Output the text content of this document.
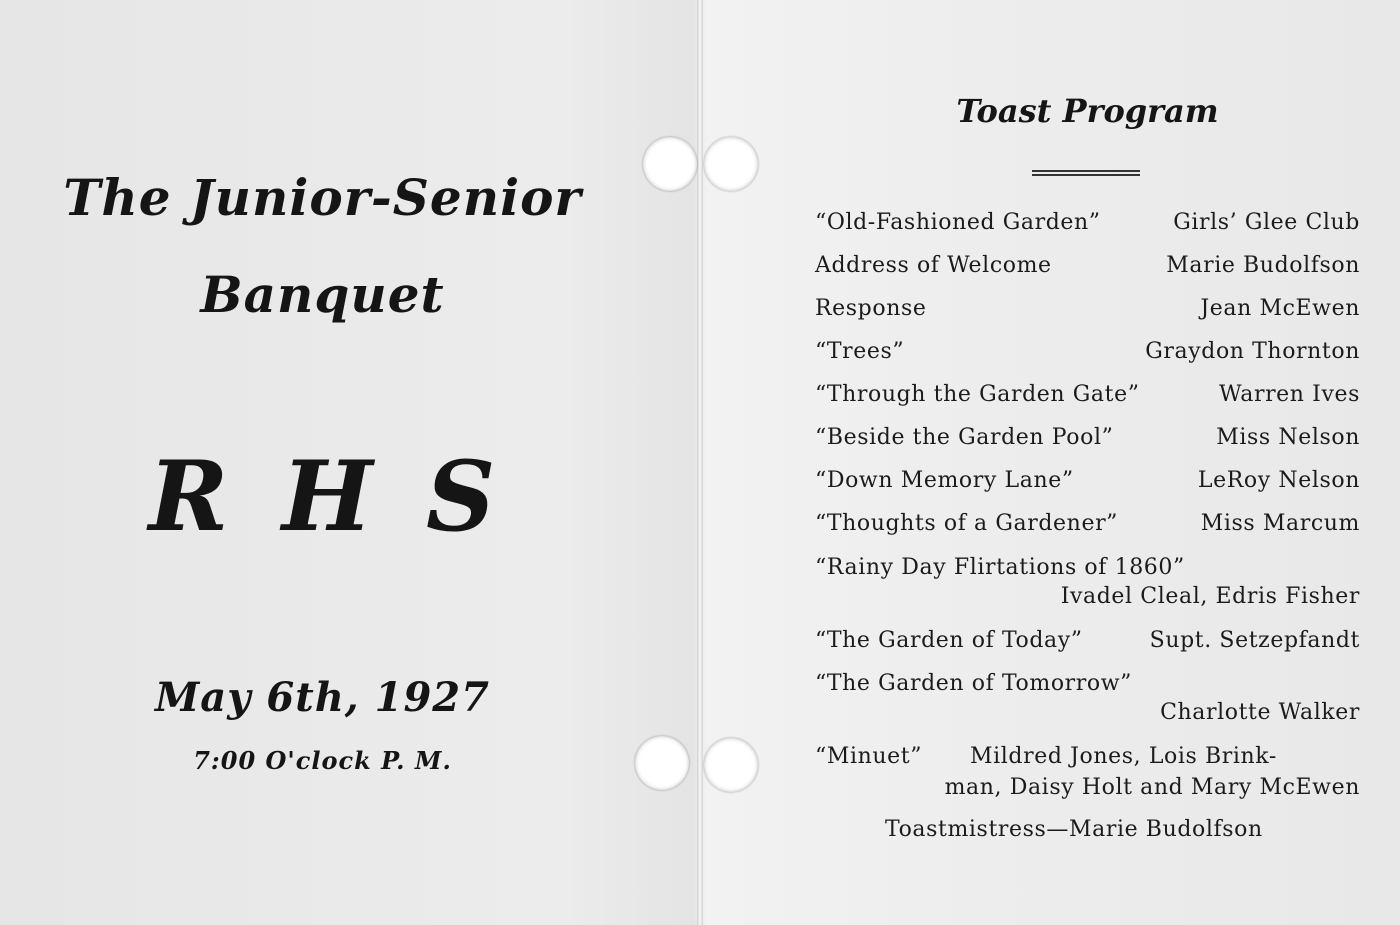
The Junior-Senior
Banquet
R H S
May 6th, 1927
7:00 O'clock P. M.
Toast Program
“Old-Fashioned Garden”	Girls’ Glee Club
Address of Welcome	Marie Budolfson
Response	Jean McEwen
“Trees”	Graydon Thornton
“Through the Garden Gate”	Warren Ives
“Beside the Garden Pool”	Miss Nelson
“Down Memory Lane”	LeRoy Nelson
“Thoughts of a Gardener”	Miss Marcum
“Rainy Day Flirtations of 1860”
Ivadel Cleal, Edris Fisher
“The Garden of Today”	Supt. Setzepfandt
“The Garden of Tomorrow”
Charlotte Walker
“Minuet” Mildred Jones, Lois Brink-
man, Daisy Holt and Mary McEwen
Toastmistress—Marie Budolfson
